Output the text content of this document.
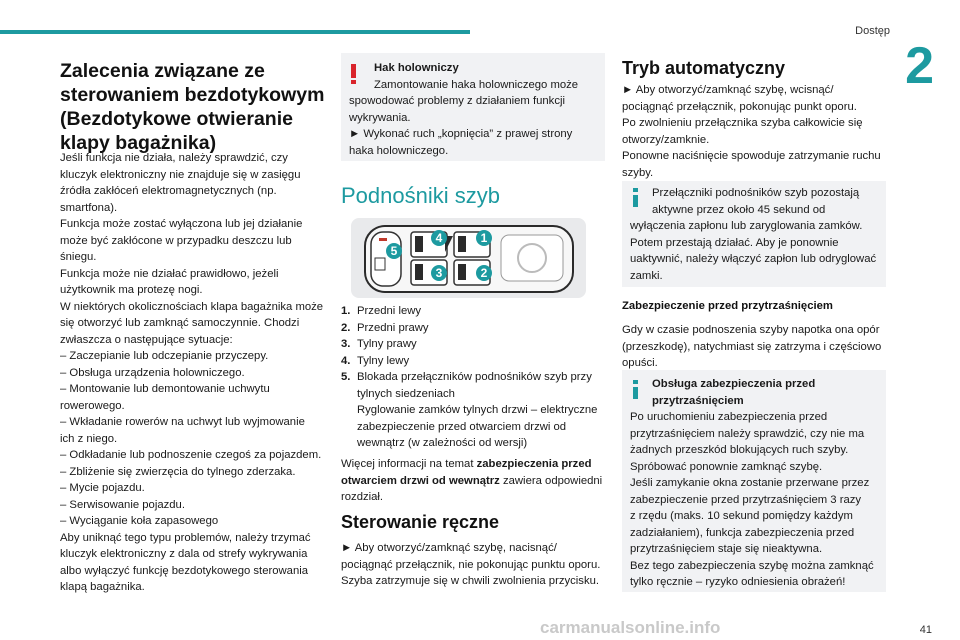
Dostęp
2
Zalecenia związane ze
sterowaniem bezdotykowym
(Bezdotykowe otwieranie
klapy bagażnika)
Jeśli funkcja nie działa, należy sprawdzić, czy
kluczyk elektroniczny nie znajduje się w zasięgu
źródła zakłóceń elektromagnetycznych (np.
smartfona).
Funkcja może zostać wyłączona lub jej działanie
może być zakłócone w przypadku deszczu lub
śniegu.
Funkcja może nie działać prawidłowo, jeżeli
użytkownik ma protezę nogi.
W niektórych okolicznościach klapa bagażnika może
się otworzyć lub zamknąć samoczynnie. Chodzi
zwłaszcza o następujące sytuacje:
– Zaczepianie lub odczepianie przyczepy.
– Obsługa urządzenia holowniczego.
– Montowanie lub demontowanie uchwytu
rowerowego.
– Wkładanie rowerów na uchwyt lub wyjmowanie
ich z niego.
– Odkładanie lub podnoszenie czegoś za pojazdem.
– Zbliżenie się zwierzęcia do tylnego zderzaka.
– Mycie pojazdu.
– Serwisowanie pojazdu.
– Wyciąganie koła zapasowego
Aby uniknąć tego typu problemów, należy trzymać
kluczyk elektroniczny z dala od strefy wykrywania
albo wyłączyć funkcję bezdotykowego sterowania
klapą bagażnika.
Hak holowniczy
Zamontowanie haka holowniczego może
spowodować problemy z działaniem funkcji
wykrywania.
► Wykonać ruch „kopnięcia” z prawej strony
haka holowniczego.
Podnośniki szyb
5
4
3
1
2
1. Przedni lewy
2. Przedni prawy
3. Tylny prawy
4. Tylny lewy
5. Blokada przełączników podnośników szyb przy
tylnych siedzeniach
Ryglowanie zamków tylnych drzwi – elektryczne
zabezpieczenie przed otwarciem drzwi od
wewnątrz (w zależności od wersji)
Więcej informacji na temat zabezpieczenia przed
otwarciem drzwi od wewnątrz zawiera odpowiedni
rozdział.
Sterowanie ręczne
► Aby otworzyć/zamknąć szybę, nacisnąć/
pociągnąć przełącznik, nie pokonując punktu oporu.
Szyba zatrzymuje się w chwili zwolnienia przycisku.
Tryb automatyczny
► Aby otworzyć/zamknąć szybę, wcisnąć/
pociągnąć przełącznik, pokonując punkt oporu.
Po zwolnieniu przełącznika szyba całkowicie się
otworzy/zamknie.
Ponowne naciśnięcie spowoduje zatrzymanie ruchu
szyby.
Przełączniki podnośników szyb pozostają
aktywne przez około 45 sekund od
wyłączenia zapłonu lub zaryglowania zamków.
Potem przestają działać. Aby je ponownie
uaktywnić, należy włączyć zapłon lub odryglować
zamki.
Zabezpieczenie przed przytrzaśnięciem
Gdy w czasie podnoszenia szyby napotka ona opór
(przeszkodę), natychmiast się zatrzyma i częściowo
opuści.
Obsługa zabezpieczenia przed
przytrzaśnięciem
Po uruchomieniu zabezpieczenia przed
przytrzaśnięciem należy sprawdzić, czy nie ma
żadnych przeszkód blokujących ruch szyby.
Spróbować ponownie zamknąć szybę.
Jeśli zamykanie okna zostanie przerwane przez
zabezpieczenie przed przytrzaśnięciem 3 razy
z rzędu (maks. 10 sekund pomiędzy każdym
zadziałaniem), funkcja zabezpieczenia przed
przytrzaśnięciem staje się nieaktywna.
Bez tego zabezpieczenia szybę można zamknąć
tylko ręcznie – ryzyko odniesienia obrażeń!
carmanualsonline.info	41
